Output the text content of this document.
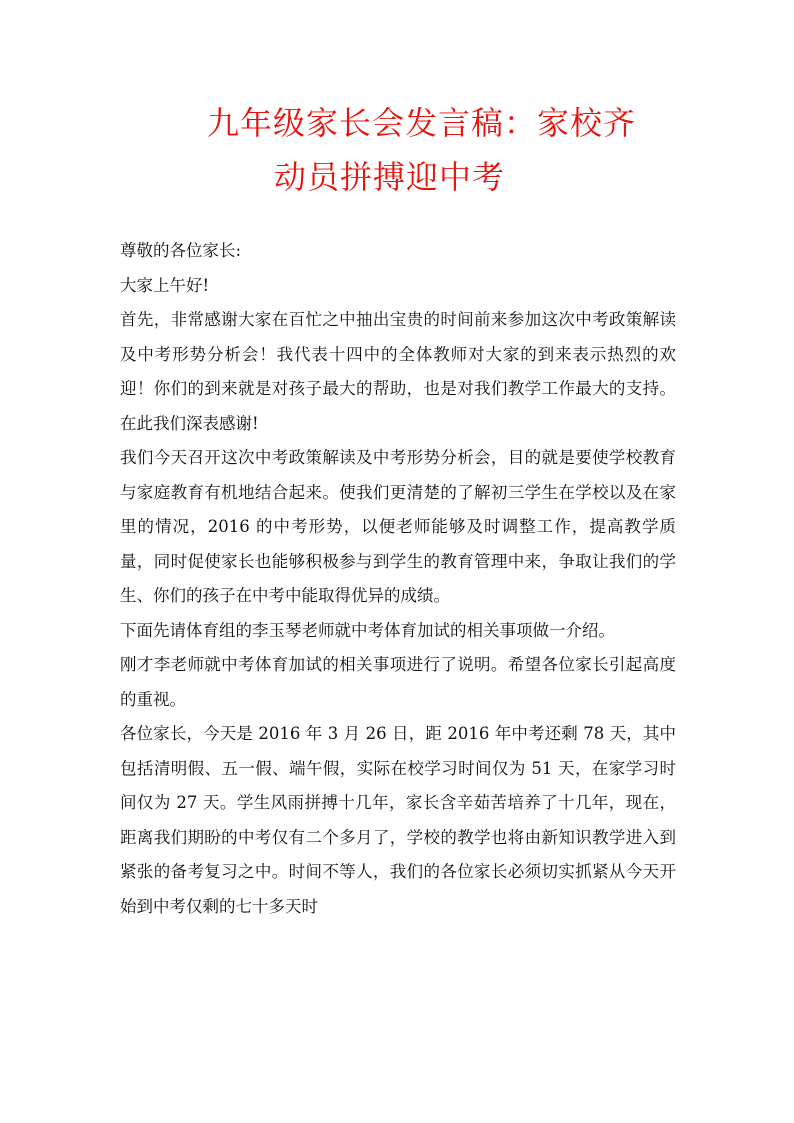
九年级家长会发言稿：家校齐
动员拼搏迎中考

尊敬的各位家长:

大家上午好!

首先，非常感谢大家在百忙之中抽出宝贵的时间前来参加这次中考政策解读及中考形势分析会！我代表十四中的全体教师对大家的到来表示热烈的欢迎！你们的到来就是对孩子最大的帮助，也是对我们教学工作最大的支持。在此我们深表感谢!

我们今天召开这次中考政策解读及中考形势分析会，目的就是要使学校教育与家庭教育有机地结合起来。使我们更清楚的了解初三学生在学校以及在家里的情况，2016 的中考形势，以便老师能够及时调整工作，提高教学质量，同时促使家长也能够积极参与到学生的教育管理中来，争取让我们的学生、你们的孩子在中考中能取得优异的成绩。

下面先请体育组的李玉琴老师就中考体育加试的相关事项做一介绍。

刚才李老师就中考体育加试的相关事项进行了说明。希望各位家长引起高度的重视。

各位家长，今天是 2016 年 3 月 26 日，距 2016 年中考还剩 78 天，其中包括清明假、五一假、端午假，实际在校学习时间仅为 51 天，在家学习时间仅为 27 天。学生风雨拼搏十几年，家长含辛茹苦培养了十几年，现在，距离我们期盼的中考仅有二个多月了，学校的教学也将由新知识教学进入到紧张的备考复习之中。时间不等人，我们的各位家长必须切实抓紧从今天开始到中考仅剩的七十多天时
